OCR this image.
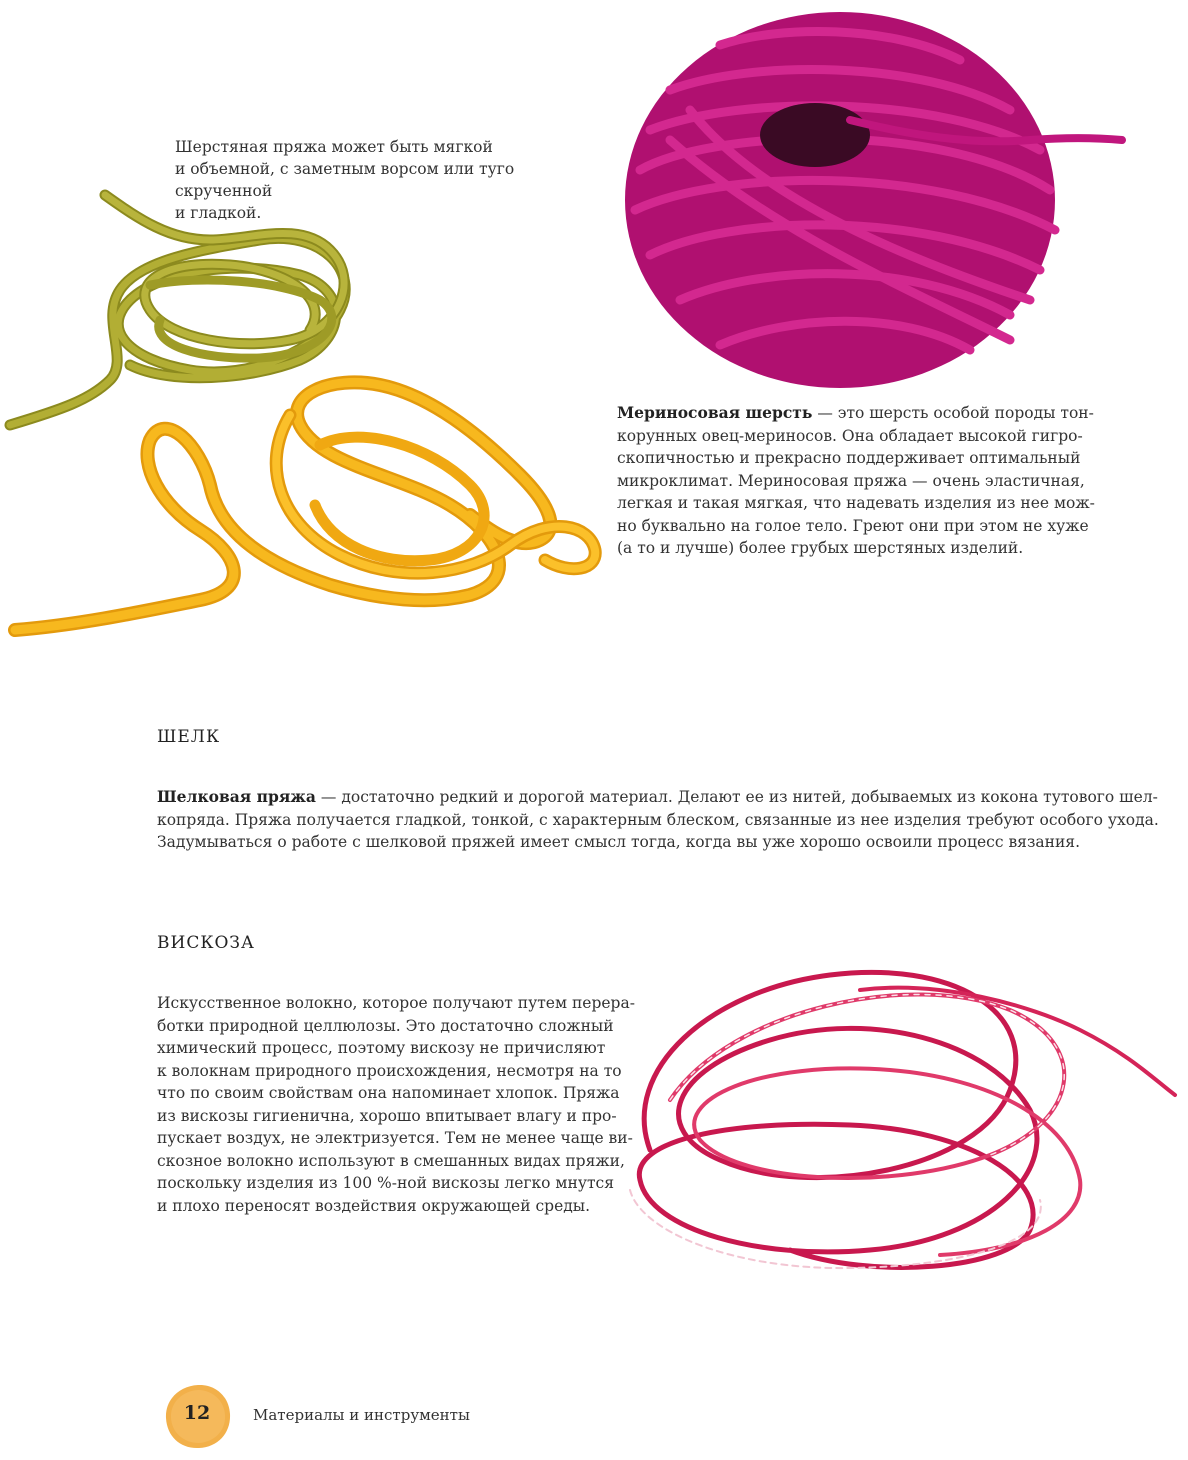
Шерстяная пряжа может быть мягкой
и объемной, с заметным ворсом или туго скрученной
и гладкой.
Мериносовая шерсть — это шерсть особой породы тон-
корунных овец-мериносов. Она обладает высокой гигро-
скопичностью и прекрасно поддерживает оптимальный
микроклимат. Мериносовая пряжа — очень эластичная,
легкая и такая мягкая, что надевать изделия из нее мож-
но буквально на голое тело. Греют они при этом не хуже
(а то и лучше) более грубых шерстяных изделий.
ШЕЛК
Шелковая пряжа — достаточно редкий и дорогой материал. Делают ее из нитей, добываемых из кокона тутового шел-
копряда. Пряжа получается гладкой, тонкой, с характерным блеском, связанные из нее изделия требуют особого ухода.
Задумываться о работе с шелковой пряжей имеет смысл тогда, когда вы уже хорошо освоили процесс вязания.
ВИСКОЗА
Искусственное волокно, которое получают путем перера-
ботки природной целлюлозы. Это достаточно сложный
химический процесс, поэтому вискозу не причисляют
к волокнам природного происхождения, несмотря на то
что по своим свойствам она напоминает хлопок. Пряжа
из вискозы гигиенична, хорошо впитывает влагу и про-
пускает воздух, не электризуется. Тем не менее чаще ви-
скозное волокно используют в смешанных видах пряжи,
поскольку изделия из 100 %-ной вискозы легко мнутся
и плохо переносят воздействия окружающей среды.
12	Материалы и инструменты
